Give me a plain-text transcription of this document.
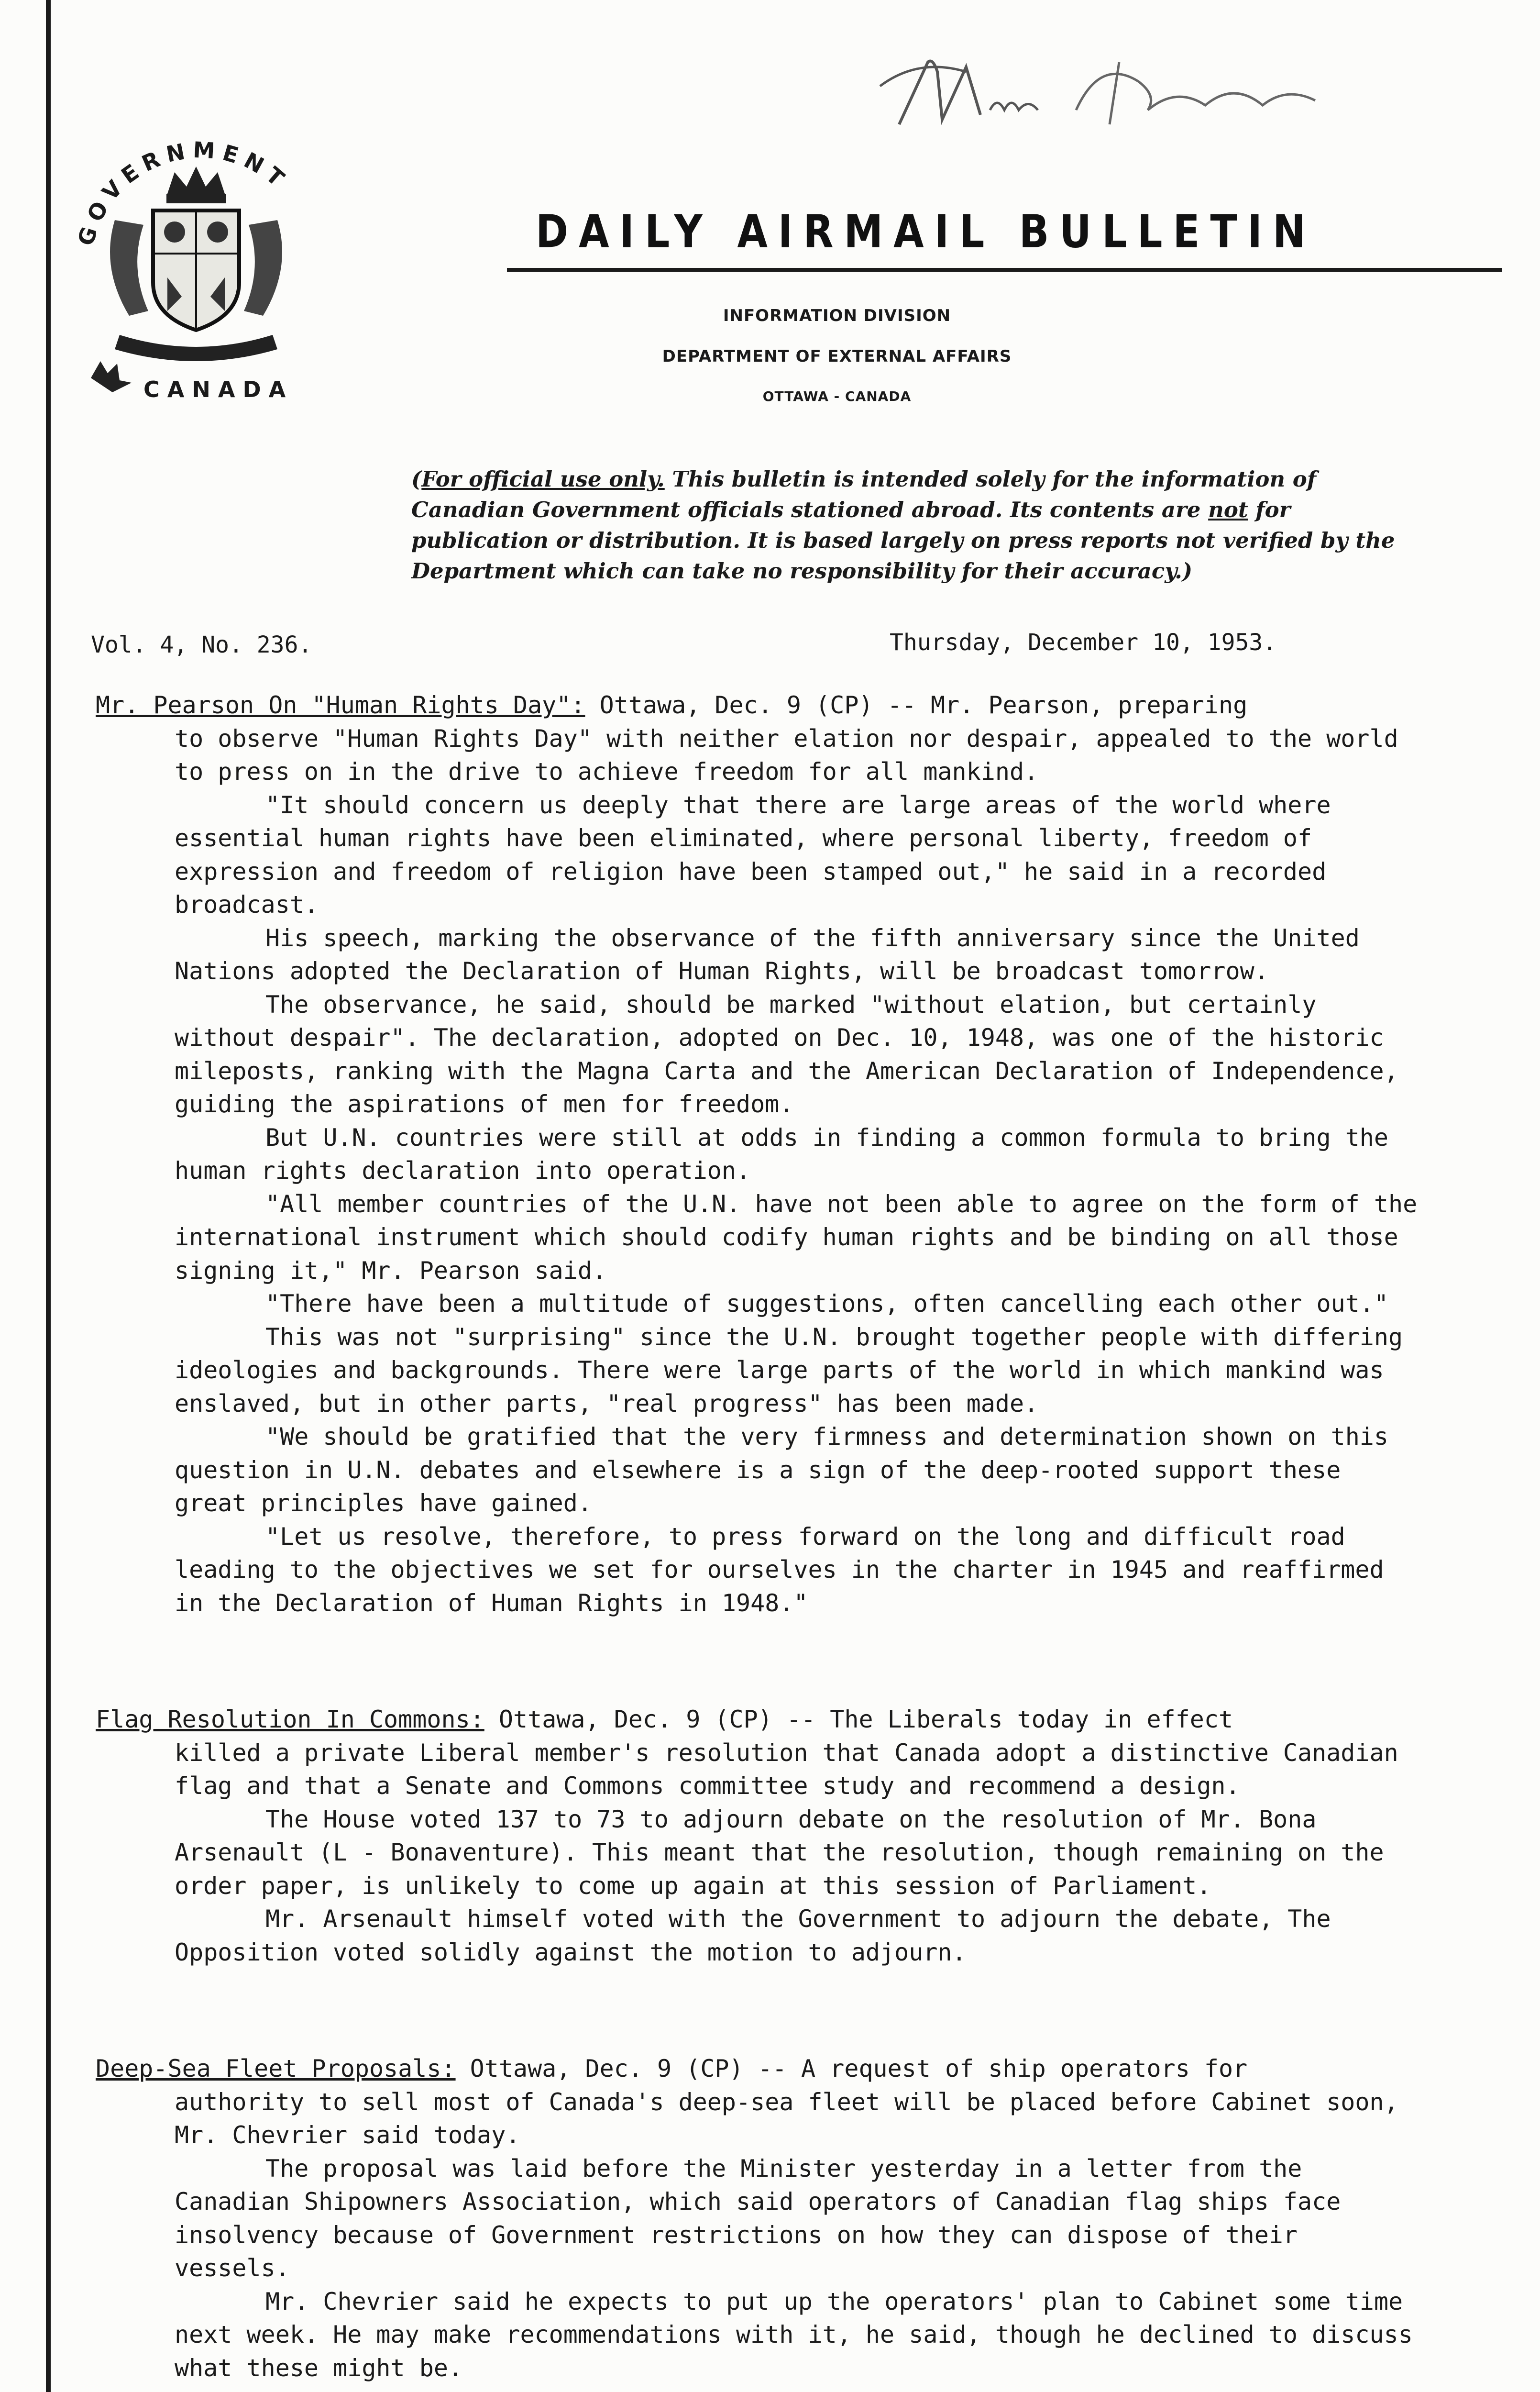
GOVERNMENT
CANADA
DAILY AIRMAIL BULLETIN
INFORMATION DIVISION
DEPARTMENT OF EXTERNAL AFFAIRS
OTTAWA - CANADA
(For official use only. This bulletin is intended solely for the information of Canadian Government officials stationed abroad. Its contents are not for publication or distribution. It is based largely on press reports not verified by the Department which can take no responsibility for their accuracy.)
Vol. 4, No. 236.	Thursday, December 10, 1953.

Mr. Pearson On "Human Rights Day": Ottawa, Dec. 9 (CP) -- Mr. Pearson, preparing

to observe "Human Rights Day" with neither elation nor despair, appealed to the world to press on in the drive to achieve freedom for all mankind.

"It should concern us deeply that there are large areas of the world where essential human rights have been eliminated, where personal liberty, freedom of expression and freedom of religion have been stamped out," he said in a recorded broadcast.

His speech, marking the observance of the fifth anniversary since the United Nations adopted the Declaration of Human Rights, will be broadcast tomorrow.

The observance, he said, should be marked "without elation, but certainly without despair". The declaration, adopted on Dec. 10, 1948, was one of the historic mileposts, ranking with the Magna Carta and the American Declaration of Independence, guiding the aspirations of men for freedom.

But U.N. countries were still at odds in finding a common formula to bring the human rights declaration into operation.

"All member countries of the U.N. have not been able to agree on the form of the international instrument which should codify human rights and be binding on all those signing it," Mr. Pearson said.

"There have been a multitude of suggestions, often cancelling each other out."

This was not "surprising" since the U.N. brought together people with differing ideologies and backgrounds. There were large parts of the world in which mankind was enslaved, but in other parts, "real progress" has been made.

"We should be gratified that the very firmness and determination shown on this question in U.N. debates and elsewhere is a sign of the deep-rooted support these great principles have gained.

"Let us resolve, therefore, to press forward on the long and difficult road leading to the objectives we set for ourselves in the charter in 1945 and reaffirmed in the Declaration of Human Rights in 1948."

Flag Resolution In Commons: Ottawa, Dec. 9 (CP) -- The Liberals today in effect

killed a private Liberal member's resolution that Canada adopt a distinctive Canadian flag and that a Senate and Commons committee study and recommend a design.

The House voted 137 to 73 to adjourn debate on the resolution of Mr. Bona Arsenault (L - Bonaventure). This meant that the resolution, though remaining on the order paper, is unlikely to come up again at this session of Parliament.

Mr. Arsenault himself voted with the Government to adjourn the debate, The Opposition voted solidly against the motion to adjourn.

Deep-Sea Fleet Proposals: Ottawa, Dec. 9 (CP) -- A request of ship operators for

authority to sell most of Canada's deep-sea fleet will be placed before Cabinet soon, Mr. Chevrier said today.

The proposal was laid before the Minister yesterday in a letter from the Canadian Shipowners Association, which said operators of Canadian flag ships face insolvency because of Government restrictions on how they can dispose of their vessels.

Mr. Chevrier said he expects to put up the operators' plan to Cabinet some time next week. He may make recommendations with it, he said, though he declined to discuss what these might be.
